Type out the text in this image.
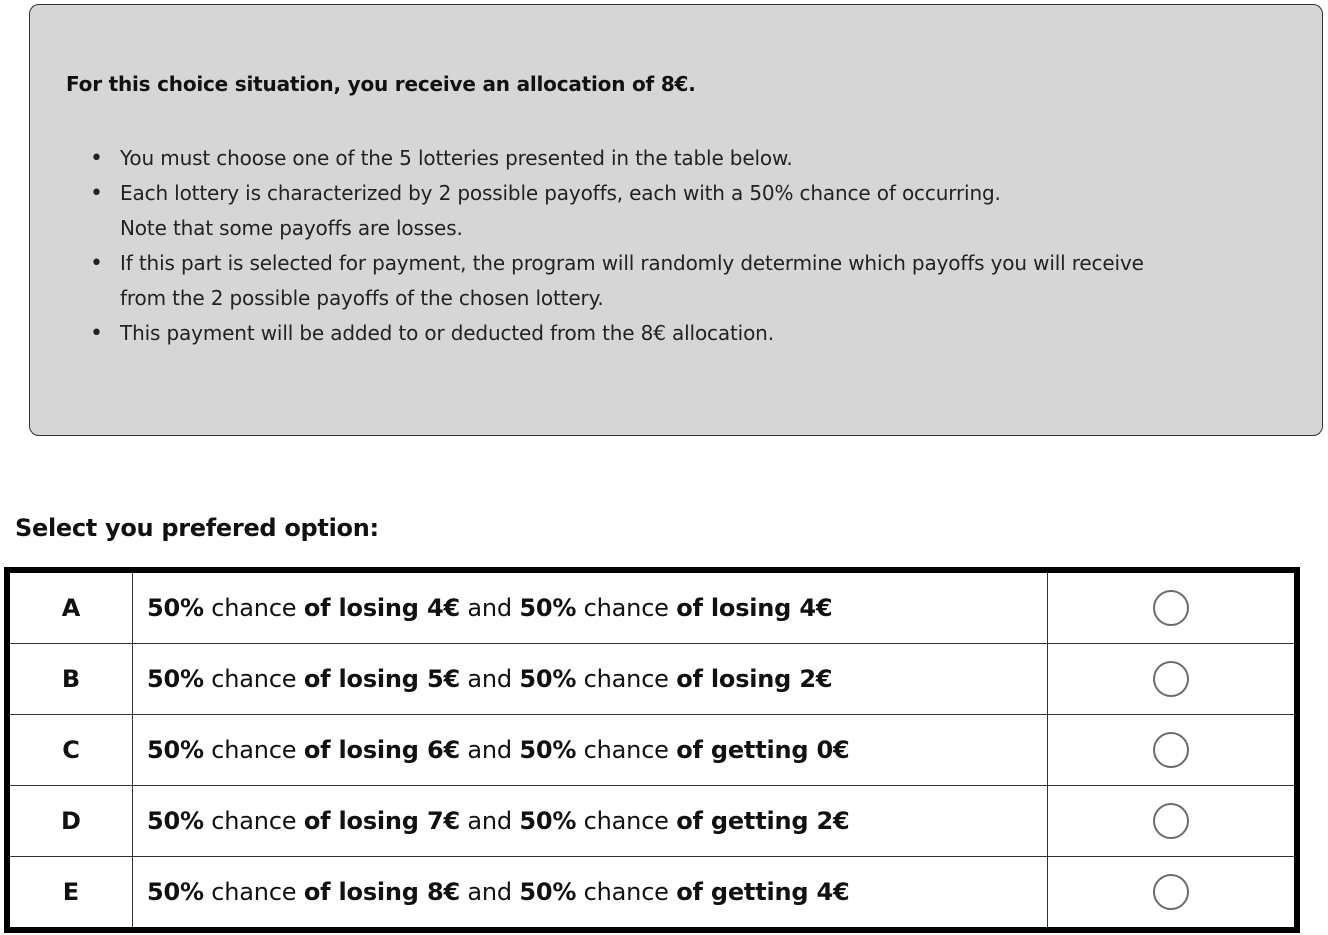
For this choice situation, you receive an allocation of 8€.
• You must choose one of the 5 lotteries presented in the table below.
• Each lottery is characterized by 2 possible payoffs, each with a 50% chance of occurring.
Note that some payoffs are losses.
• If this part is selected for payment, the program will randomly determine which payoffs you will receive
from the 2 possible payoffs of the chosen lottery.
• This payment will be added to or deducted from the 8€ allocation.
Select you prefered option:
A	50% chance of losing 4€ and 50% chance of losing 4€	
B	50% chance of losing 5€ and 50% chance of losing 2€	
C	50% chance of losing 6€ and 50% chance of getting 0€	
D	50% chance of losing 7€ and 50% chance of getting 2€	
E	50% chance of losing 8€ and 50% chance of getting 4€	
